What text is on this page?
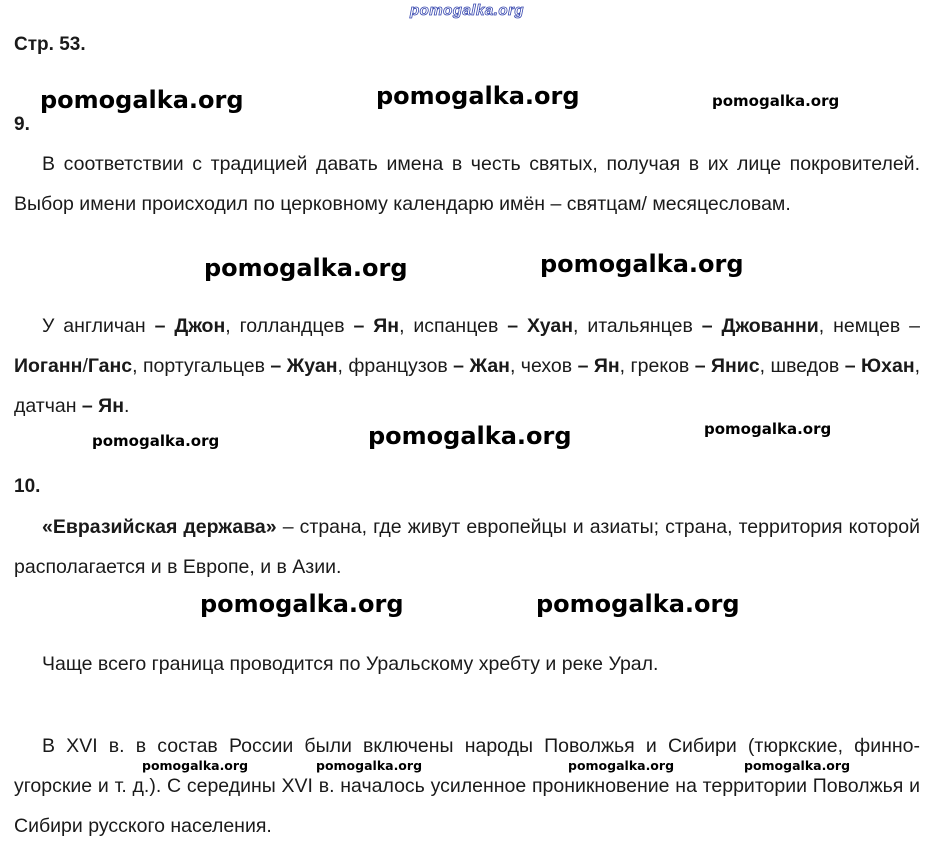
pomogalka.org
Стр. 53.
pomogalka.org	pomogalka.org	pomogalka.org
9.

В соответствии с традицией давать имена в честь святых, получая в их лице покровителей. Выбор имени происходил по церковному календарю имён – святцам/ месяцесловам.

pomogalka.org	pomogalka.org

У англичан – Джон, голландцев – Ян, испанцев – Хуан, итальянцев – Джованни, немцев – Иоганн/Ганс, португальцев – Жуан, французов – Жан, чехов – Ян, греков – Янис, шведов – Юхан, датчан – Ян.

pomogalka.org	pomogalka.org	pomogalka.org
10.

«Евразийская держава» – страна, где живут европейцы и азиаты; страна, территория которой располагается и в Европе, и в Азии.

pomogalka.org	pomogalka.org

Чаще всего граница проводится по Уральскому хребту и реке Урал.

В XVI в. в состав России были включены народы Поволжья и Сибири (тюркские, финно-угорские и т. д.). С середины XVI в. началось усиленное проникновение на территории Поволжья и Сибири русского населения.

pomogalka.org	pomogalka.org	pomogalka.org	pomogalka.org
